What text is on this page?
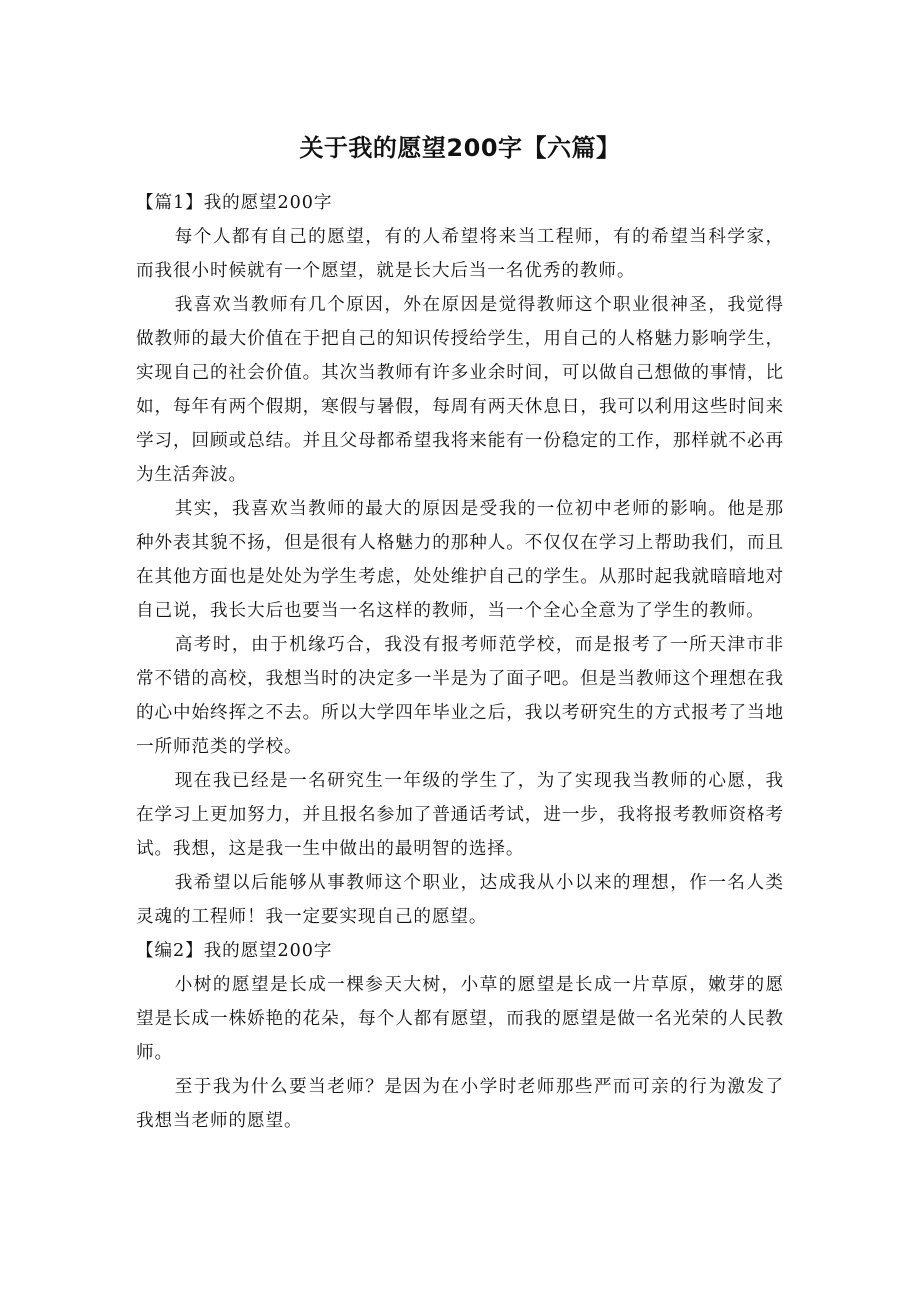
关于我的愿望200字【六篇】

【篇1】我的愿望200字

每个人都有自己的愿望，有的人希望将来当工程师，有的希望当科学家，而我很小时候就有一个愿望，就是长大后当一名优秀的教师。

我喜欢当教师有几个原因，外在原因是觉得教师这个职业很神圣，我觉得做教师的最大价值在于把自己的知识传授给学生，用自己的人格魅力影响学生，实现自己的社会价值。其次当教师有许多业余时间，可以做自己想做的事情，比如，每年有两个假期，寒假与暑假，每周有两天休息日，我可以利用这些时间来学习，回顾或总结。并且父母都希望我将来能有一份稳定的工作，那样就不必再为生活奔波。

其实，我喜欢当教师的最大的原因是受我的一位初中老师的影响。他是那种外表其貌不扬，但是很有人格魅力的那种人。不仅仅在学习上帮助我们，而且在其他方面也是处处为学生考虑，处处维护自己的学生。从那时起我就暗暗地对自己说，我长大后也要当一名这样的教师，当一个全心全意为了学生的教师。

高考时，由于机缘巧合，我没有报考师范学校，而是报考了一所天津市非常不错的高校，我想当时的决定多一半是为了面子吧。但是当教师这个理想在我的心中始终挥之不去。所以大学四年毕业之后，我以考研究生的方式报考了当地一所师范类的学校。

现在我已经是一名研究生一年级的学生了，为了实现我当教师的心愿，我在学习上更加努力，并且报名参加了普通话考试，进一步，我将报考教师资格考试。我想，这是我一生中做出的最明智的选择。

我希望以后能够从事教师这个职业，达成我从小以来的理想，作一名人类灵魂的工程师！我一定要实现自己的愿望。

【编2】我的愿望200字

小树的愿望是长成一棵参天大树，小草的愿望是长成一片草原，嫩芽的愿望是长成一株娇艳的花朵，每个人都有愿望，而我的愿望是做一名光荣的人民教师。

至于我为什么要当老师？是因为在小学时老师那些严而可亲的行为激发了我想当老师的愿望。
